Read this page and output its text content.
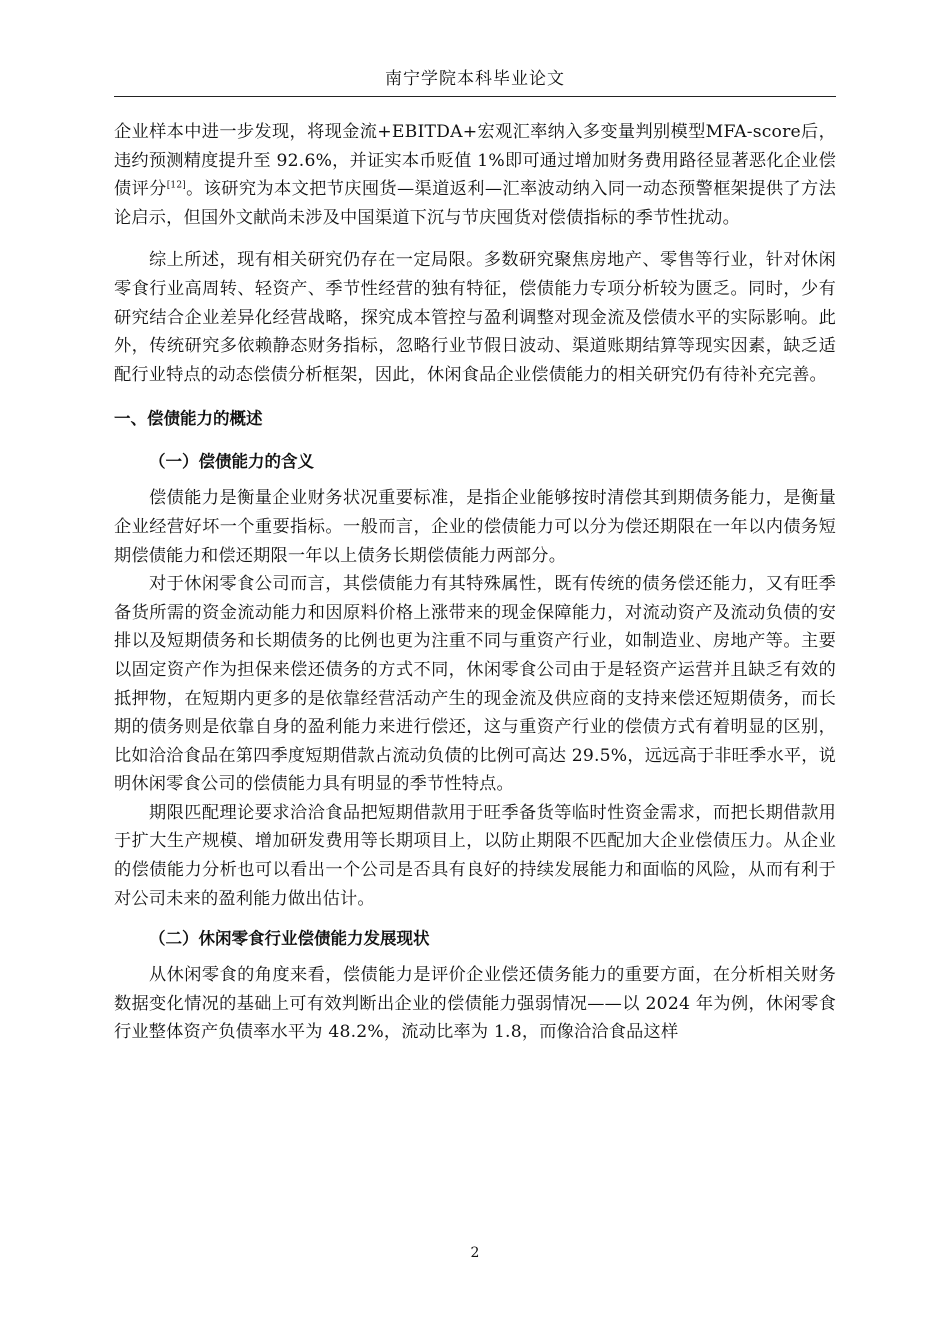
南宁学院本科毕业论文

企业样本中进一步发现，将现金流+EBITDA+宏观汇率纳入多变量判别模型MFA-score后，违约预测精度提升至 92.6%，并证实本币贬值 1%即可通过增加财务费用路径显著恶化企业偿债评分[12]。该研究为本文把节庆囤货—渠道返利—汇率波动纳入同一动态预警框架提供了方法论启示，但国外文献尚未涉及中国渠道下沉与节庆囤货对偿债指标的季节性扰动。

综上所述，现有相关研究仍存在一定局限。多数研究聚焦房地产、零售等行业，针对休闲零食行业高周转、轻资产、季节性经营的独有特征，偿债能力专项分析较为匮乏。同时，少有研究结合企业差异化经营战略，探究成本管控与盈利调整对现金流及偿债水平的实际影响。此外，传统研究多依赖静态财务指标，忽略行业节假日波动、渠道账期结算等现实因素，缺乏适配行业特点的动态偿债分析框架，因此，休闲食品企业偿债能力的相关研究仍有待补充完善。

一、偿债能力的概述
（一）偿债能力的含义

偿债能力是衡量企业财务状况重要标准，是指企业能够按时清偿其到期债务能力，是衡量企业经营好坏一个重要指标。一般而言，企业的偿债能力可以分为偿还期限在一年以内债务短期偿债能力和偿还期限一年以上债务长期偿债能力两部分。

对于休闲零食公司而言，其偿债能力有其特殊属性，既有传统的债务偿还能力，又有旺季备货所需的资金流动能力和因原料价格上涨带来的现金保障能力，对流动资产及流动负债的安排以及短期债务和长期债务的比例也更为注重不同与重资产行业，如制造业、房地产等。主要以固定资产作为担保来偿还债务的方式不同，休闲零食公司由于是轻资产运营并且缺乏有效的抵押物，在短期内更多的是依靠经营活动产生的现金流及供应商的支持来偿还短期债务，而长期的债务则是依靠自身的盈利能力来进行偿还，这与重资产行业的偿债方式有着明显的区别，比如洽洽食品在第四季度短期借款占流动负债的比例可高达 29.5%，远远高于非旺季水平，说明休闲零食公司的偿债能力具有明显的季节性特点。

期限匹配理论要求洽洽食品把短期借款用于旺季备货等临时性资金需求，而把长期借款用于扩大生产规模、增加研发费用等长期项目上，以防止期限不匹配加大企业偿债压力。从企业的偿债能力分析也可以看出一个公司是否具有良好的持续发展能力和面临的风险，从而有利于对公司未来的盈利能力做出估计。

（二）休闲零食行业偿债能力发展现状

从休闲零食的角度来看，偿债能力是评价企业偿还债务能力的重要方面，在分析相关财务数据变化情况的基础上可有效判断出企业的偿债能力强弱情况——以 2024 年为例，休闲零食行业整体资产负债率水平为 48.2%，流动比率为 1.8，而像洽洽食品这样

2
